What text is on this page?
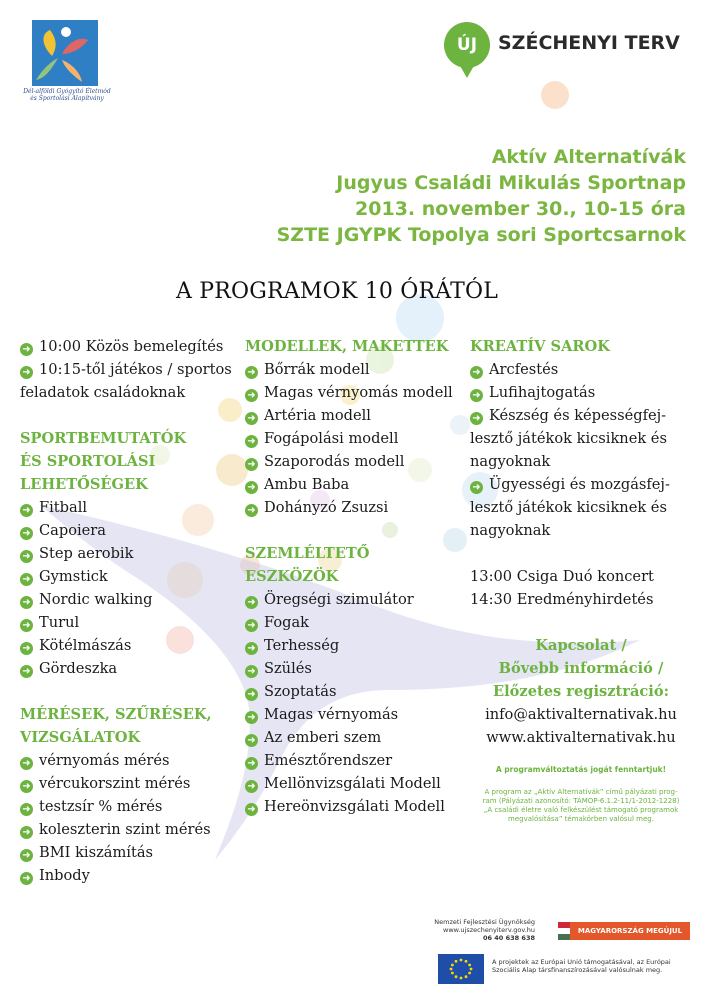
Dél-alföldi Gyógyító Életmód és Sportolási Alapítvány
ÚJ	SZÉCHENYI TERV
Aktív Alternatívák
Jugyus Családi Mikulás Sportnap
2013. november 30., 10-15 óra
SZTE JGYPK Topolya sori Sportcsarnok
A PROGRAMOK 10 ÓRÁTÓL
➜ 10:00 Közös bemelegítés
➜ 10:15-től játékos / sportos
feladatok családoknak
SPORTBEMUTATÓK
ÉS SPORTOLÁSI
LEHETŐSÉGEK
➜ Fitball
➜ Capoiera
➜ Step aerobik
➜ Gymstick
➜ Nordic walking
➜ Turul
➜ Kötélmászás
➜ Gördeszka
MÉRÉSEK, SZŰRÉSEK,
VIZSGÁLATOK
➜ vérnyomás mérés
➜ vércukorszint mérés
➜ testzsír % mérés
➜ koleszterin szint mérés
➜ BMI kiszámítás
➜ Inbody
MODELLEK, MAKETTEK
➜ Bőrrák modell
➜ Magas vérnyomás modell
➜ Artéria modell
➜ Fogápolási modell
➜ Szaporodás modell
➜ Ambu Baba
➜ Dohányzó Zsuzsi
SZEMLÉLTETŐ
ESZKÖZÖK
➜ Öregségi szimulátor
➜ Fogak
➜ Terhesség
➜ Szülés
➜ Szoptatás
➜ Magas vérnyomás
➜ Az emberi szem
➜ Emésztőrendszer
➜ Mellönvizsgálati Modell
➜ Hereönvizsgálati Modell
KREATÍV SAROK
➜ Arcfestés
➜ Lufihajtogatás
➜ Készség és képességfej-
lesztő játékok kicsiknek és
nagyoknak
➜ Ügyességi és mozgásfej-
lesztő játékok kicsiknek és
nagyoknak
13:00 Csiga Duó koncert
14:30 Eredményhirdetés
Kapcsolat /
Bővebb információ /
Előzetes regisztráció:
info@aktivalternativak.hu
www.aktivalternativak.hu
A programváltoztatás jogát fenntartjuk!
A program az „Aktív Alternatívák” című pályázati prog-
ram (Pályázati azonosító: TÁMOP-6.1.2-11/1-2012-1228)
„A családi életre való felkészülést támogató programok
megvalósítása” témakörben valósul meg.
Nemzeti Fejlesztési Ügynökség
www.ujszechenyiterv.gov.hu
06 40 638 638
MAGYARORSZÁG MEGÚJUL
A projektek az Európai Unió támogatásával, az Európai
Szociális Alap társfinanszírozásával valósulnak meg.
